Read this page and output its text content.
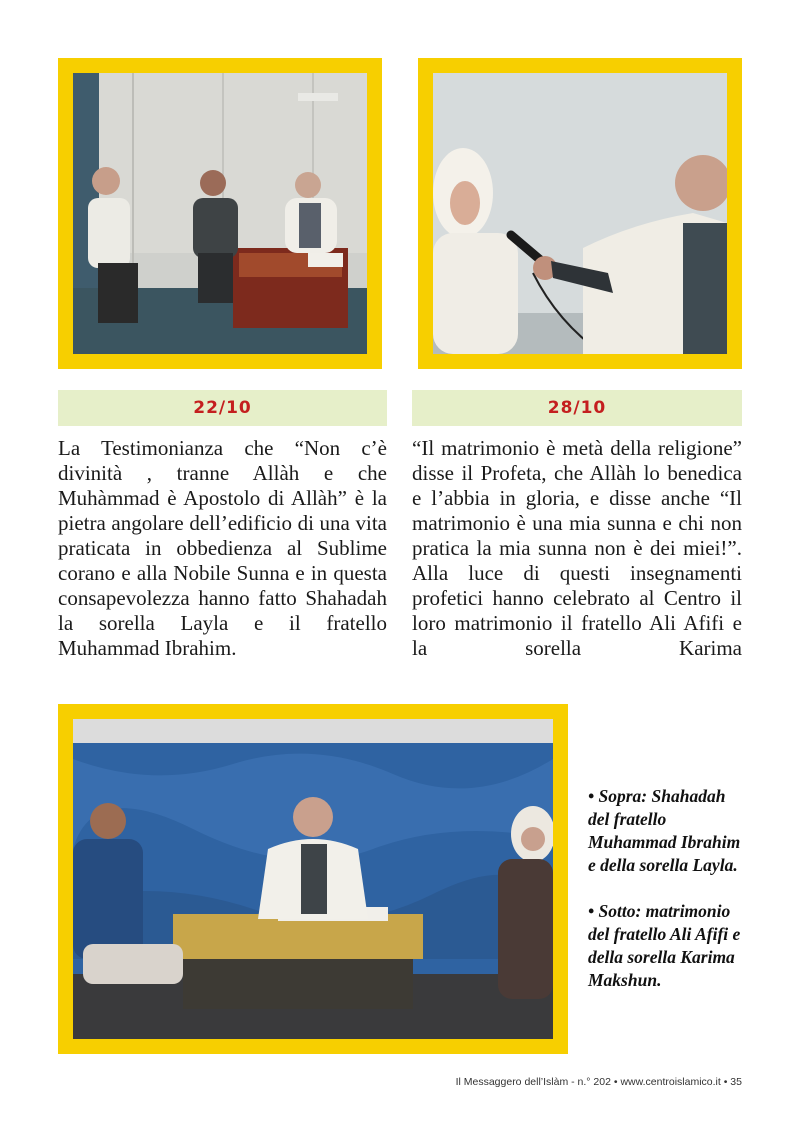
22/10	28/10

La Testimonianza che “Non c’è divinità , tranne Allàh e che Muhàmmad è Apostolo di Allàh” è la pietra angolare dell’edificio di una vita praticata in obbedienza al Sublime corano e alla Nobile Sunna e in questa consapevolezza hanno fatto Shahadah la sorella Layla e il fratello Muhammad Ibrahim.

“Il matrimonio è metà della religione” disse il Profeta, che Allàh lo benedica e l’abbia in gloria, e disse anche “Il matrimonio è una mia sunna e chi non pratica la mia sunna non è dei miei!”. Alla luce di questi insegnamenti profetici hanno celebrato al Centro il loro matrimonio il fratello Ali Afifi e la sorella Karima

• Sopra: Shahadah del fratello Muhammad Ibrahim e della sorella Layla.

• Sotto: matrimonio del fratello Ali Afifi e della sorella Karima Makshun.

Il Messaggero dell’Islàm - n.° 202 • www.centroislamico.it • 35
